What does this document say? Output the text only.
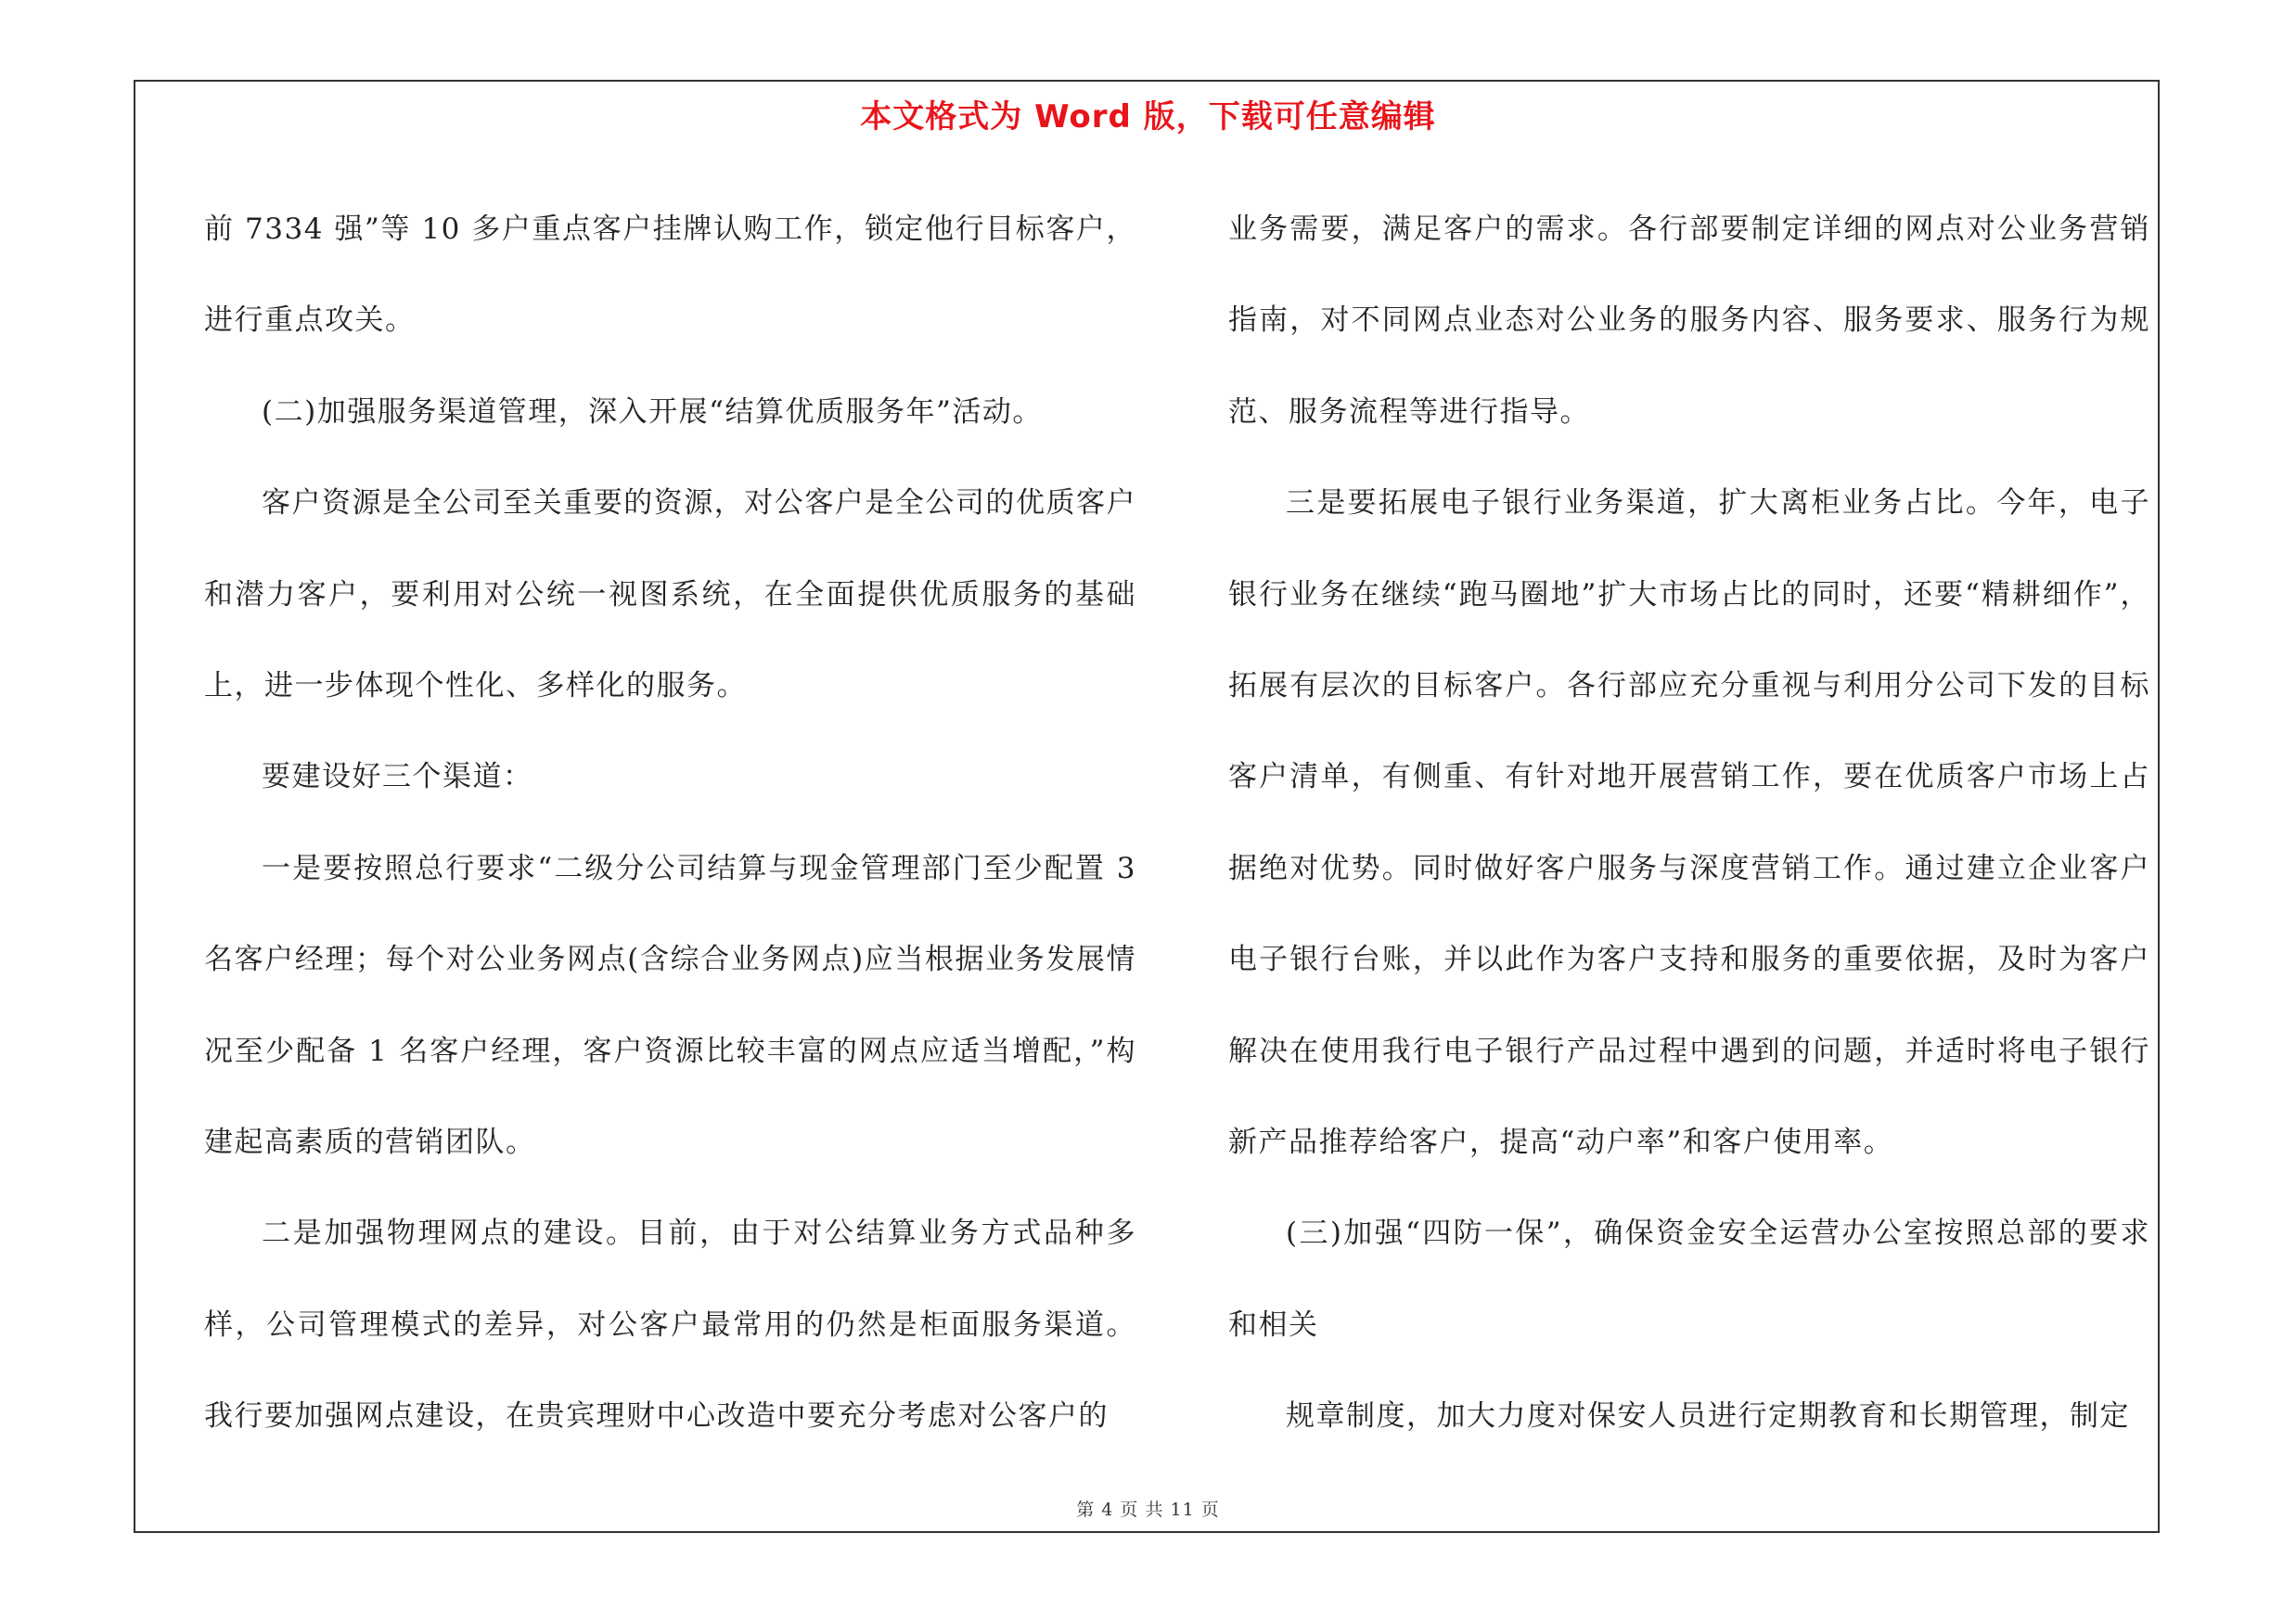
本文格式为 Word 版，下载可任意编辑

前 7334 强”等 10 多户重点客户挂牌认购工作，锁定他行目标客户，进行重点攻关。

(二)加强服务渠道管理，深入开展“结算优质服务年”活动。

客户资源是全公司至关重要的资源，对公客户是全公司的优质客户和潜力客户，要利用对公统一视图系统，在全面提供优质服务的基础上，进一步体现个性化、多样化的服务。

要建设好三个渠道：

一是要按照总行要求“二级分公司结算与现金管理部门至少配置 3 名客户经理；每个对公业务网点(含综合业务网点)应当根据业务发展情况至少配备 1 名客户经理，客户资源比较丰富的网点应适当增配，”构建起高素质的营销团队。

二是加强物理网点的建设。目前，由于对公结算业务方式品种多样，公司管理模式的差异，对公客户最常用的仍然是柜面服务渠道。我行要加强网点建设，在贵宾理财中心改造中要充分考虑对公客户的

业务需要，满足客户的需求。各行部要制定详细的网点对公业务营销指南，对不同网点业态对公业务的服务内容、服务要求、服务行为规范、服务流程等进行指导。

三是要拓展电子银行业务渠道，扩大离柜业务占比。今年，电子银行业务在继续“跑马圈地”扩大市场占比的同时，还要“精耕细作”，拓展有层次的目标客户。各行部应充分重视与利用分公司下发的目标客户清单，有侧重、有针对地开展营销工作，要在优质客户市场上占据绝对优势。同时做好客户服务与深度营销工作。通过建立企业客户电子银行台账，并以此作为客户支持和服务的重要依据，及时为客户解决在使用我行电子银行产品过程中遇到的问题，并适时将电子银行新产品推荐给客户，提高“动户率”和客户使用率。

(三)加强“四防一保”，确保资金安全运营办公室按照总部的要求和相关

规章制度，加大力度对保安人员进行定期教育和长期管理，制定

第 4 页 共 11 页
